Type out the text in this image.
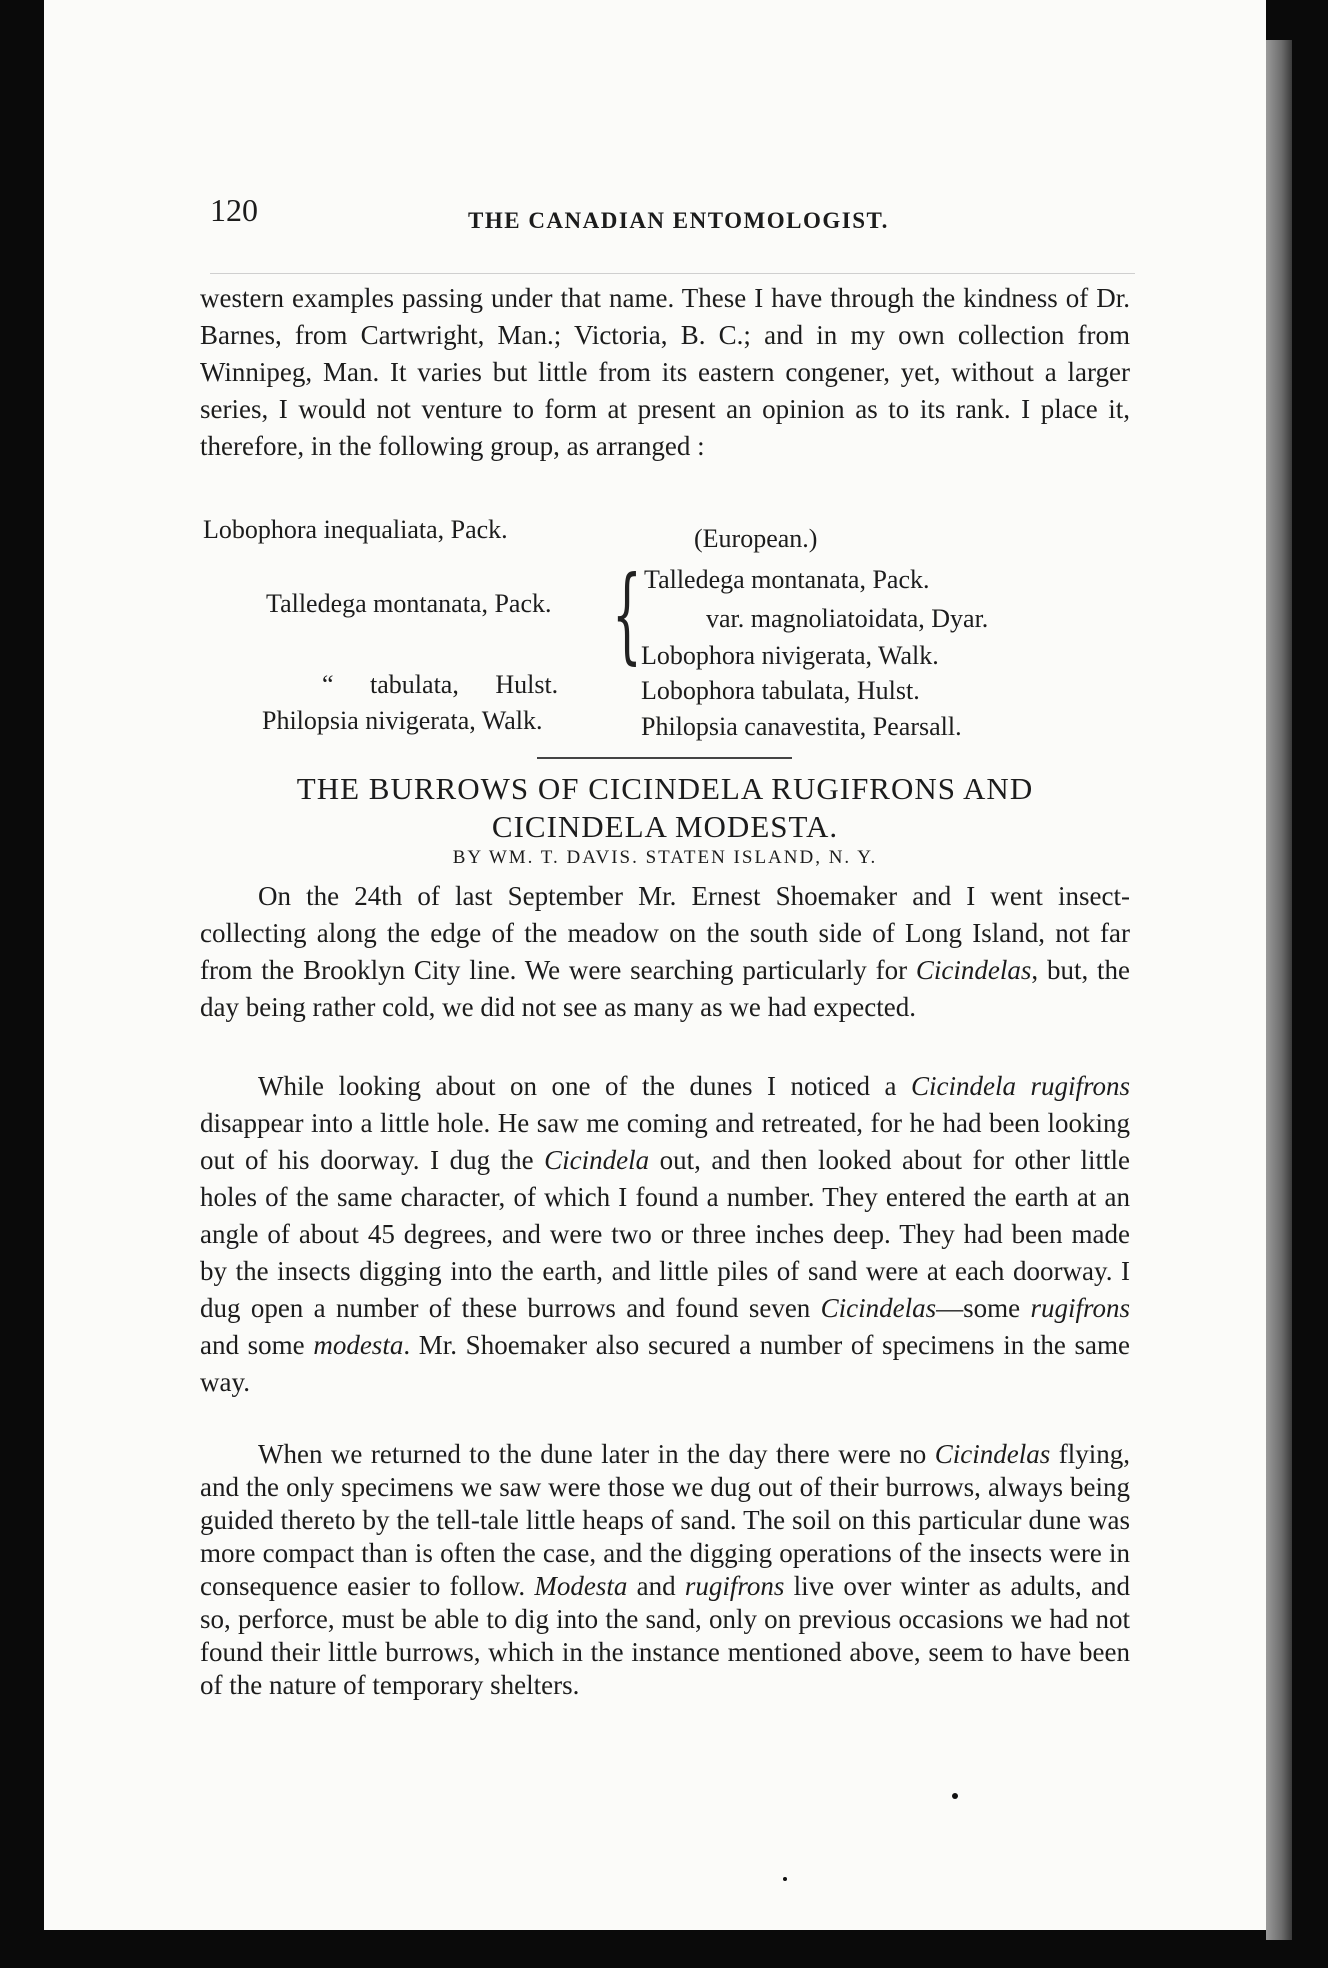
120	THE CANADIAN ENTOMOLOGIST.
western examples passing under that name. These I have through the kindness of Dr. Barnes, from Cartwright, Man.; Victoria, B. C.; and in my own collection from Winnipeg, Man. It varies but little from its eastern congener, yet, without a larger series, I would not venture to form at present an opinion as to its rank. I place it, therefore, in the following group, as arranged :
Lobophora inequaliata, Pack.
Talledega montanata, Pack.
“ tabulata, Hulst.
Philopsia nivigerata, Walk.
{
(European.)
Talledega montanata, Pack.
var. magnoliatoidata, Dyar.
Lobophora nivigerata, Walk.
Lobophora tabulata, Hulst.
Philopsia canavestita, Pearsall.
THE BURROWS OF CICINDELA RUGIFRONS AND
CICINDELA MODESTA.
BY WM. T. DAVIS. STATEN ISLAND, N. Y.
On the 24th of last September Mr. Ernest Shoemaker and I went insect-collecting along the edge of the meadow on the south side of Long Island, not far from the Brooklyn City line. We were searching particularly for Cicindelas, but, the day being rather cold, we did not see as many as we had expected.
While looking about on one of the dunes I noticed a Cicindela rugifrons disappear into a little hole. He saw me coming and retreated, for he had been looking out of his doorway. I dug the Cicindela out, and then looked about for other little holes of the same character, of which I found a number. They entered the earth at an angle of about 45 degrees, and were two or three inches deep. They had been made by the insects digging into the earth, and little piles of sand were at each doorway. I dug open a number of these burrows and found seven Cicindelas—some rugifrons and some modesta. Mr. Shoemaker also secured a number of specimens in the same way.
When we returned to the dune later in the day there were no Cicindelas flying, and the only specimens we saw were those we dug out of their burrows, always being guided thereto by the tell-tale little heaps of sand. The soil on this particular dune was more compact than is often the case, and the digging operations of the insects were in consequence easier to follow. Modesta and rugifrons live over winter as adults, and so, perforce, must be able to dig into the sand, only on previous occasions we had not found their little burrows, which in the instance mentioned above, seem to have been of the nature of temporary shelters.
